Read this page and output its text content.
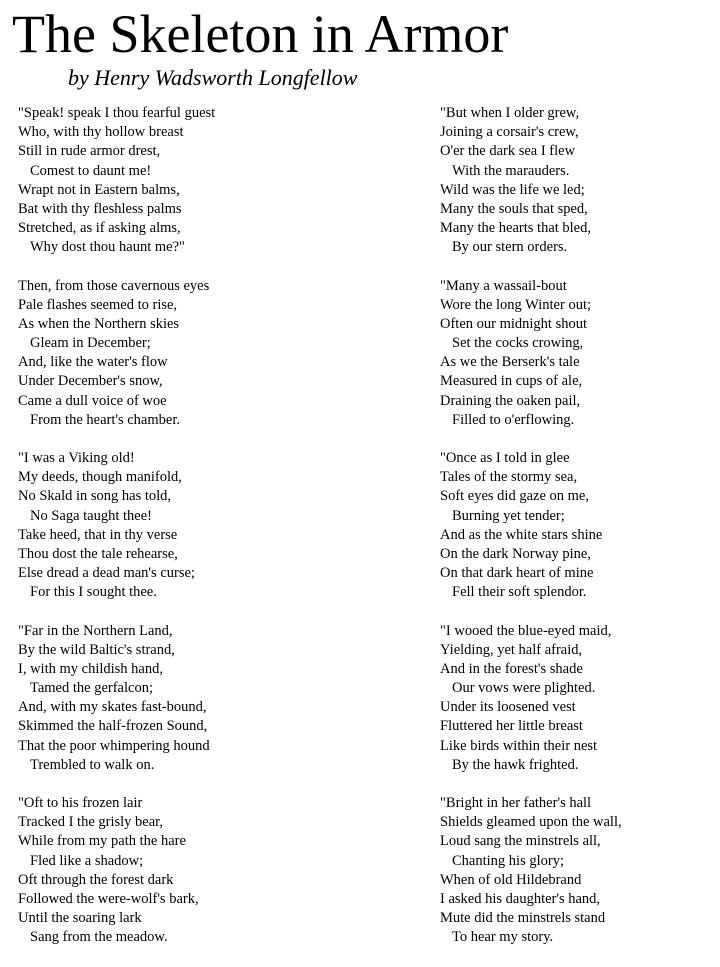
The Skeleton in Armor
by Henry Wadsworth Longfellow
"Speak! speak I thou fearful guest
Who, with thy hollow breast
Still in rude armor drest,
Comest to daunt me!
Wrapt not in Eastern balms,
Bat with thy fleshless palms
Stretched, as if asking alms,
Why dost thou haunt me?"
Then, from those cavernous eyes
Pale flashes seemed to rise,
As when the Northern skies
Gleam in December;
And, like the water's flow
Under December's snow,
Came a dull voice of woe
From the heart's chamber.
"I was a Viking old!
My deeds, though manifold,
No Skald in song has told,
No Saga taught thee!
Take heed, that in thy verse
Thou dost the tale rehearse,
Else dread a dead man's curse;
For this I sought thee.
"Far in the Northern Land,
By the wild Baltic's strand,
I, with my childish hand,
Tamed the gerfalcon;
And, with my skates fast-bound,
Skimmed the half-frozen Sound,
That the poor whimpering hound
Trembled to walk on.
"Oft to his frozen lair
Tracked I the grisly bear,
While from my path the hare
Fled like a shadow;
Oft through the forest dark
Followed the were-wolf's bark,
Until the soaring lark
Sang from the meadow.
"But when I older grew,
Joining a corsair's crew,
O'er the dark sea I flew
With the marauders.
Wild was the life we led;
Many the souls that sped,
Many the hearts that bled,
By our stern orders.
"Many a wassail-bout
Wore the long Winter out;
Often our midnight shout
Set the cocks crowing,
As we the Berserk's tale
Measured in cups of ale,
Draining the oaken pail,
Filled to o'erflowing.
"Once as I told in glee
Tales of the stormy sea,
Soft eyes did gaze on me,
Burning yet tender;
And as the white stars shine
On the dark Norway pine,
On that dark heart of mine
Fell their soft splendor.
"I wooed the blue-eyed maid,
Yielding, yet half afraid,
And in the forest's shade
Our vows were plighted.
Under its loosened vest
Fluttered her little breast
Like birds within their nest
By the hawk frighted.
"Bright in her father's hall
Shields gleamed upon the wall,
Loud sang the minstrels all,
Chanting his glory;
When of old Hildebrand
I asked his daughter's hand,
Mute did the minstrels stand
To hear my story.
